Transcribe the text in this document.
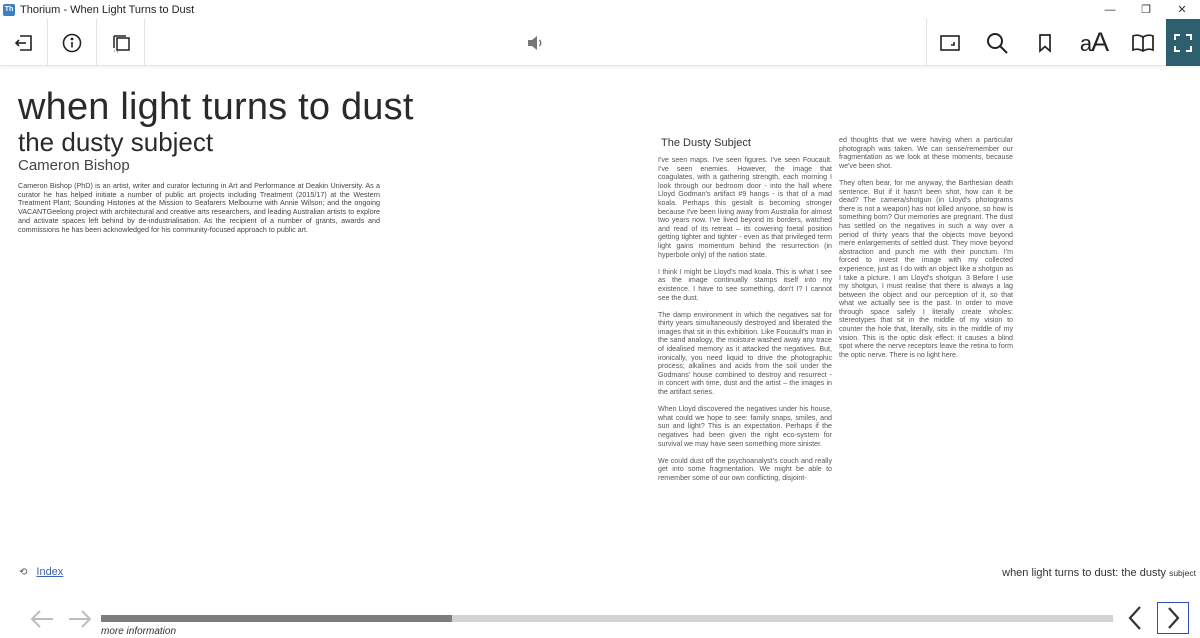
Th Thorium - When Light Turns to Dust	—	❐	✕
aA
when light turns to dust
the dusty subject
Cameron Bishop

Cameron Bishop (PhD) is an artist, writer and curator lecturing in Art and Performance at Deakin University. As a curator he has helped initiate a number of public art projects including Treatment (2015/17) at the Western Treatment Plant; Sounding Histories at the Mission to Seafarers Melbourne with Annie Wilson; and the ongoing VACANTGeelong project with architectural and creative arts researchers, and leading Australian artists to explore and activate spaces left behind by de-industrialisation. As the recipient of a number of grants, awards and commissions he has been acknowledged for his community-focused approach to public art.

The Dusty Subject

I've seen maps. I've seen figures. I've seen Foucault. I've seen enemies. However, the image that coagulates, with a gathering strength, each morning I look through our bedroom door - into the hall where Lloyd Godman's artifact #9 hangs - is that of a mad koala. Perhaps this gestalt is becoming stronger because I've been living away from Australia for almost two years now. I've lived beyond its borders, watched and read of its retreat – its cowering foetal position getting tighter and tighter - even as that privileged term light gains momentum behind the resurrection (in hyperbole only) of the nation state.

I think I might be Lloyd's mad koala. This is what I see as the image continually stamps itself into my existence. I have to see something, don't I? I cannot see the dust.

The damp environment in which the negatives sat for thirty years simultaneously destroyed and liberated the images that sit in this exhibition. Like Foucault's man in the sand analogy, the moisture washed away any trace of idealised memory as it attacked the negatives. But, ironically, you need liquid to drive the photographic process; alkalines and acids from the soil under the Godmans' house combined to destroy and resurrect - in concert with time, dust and the artist – the images in the artifact series.

When Lloyd discovered the negatives under his house, what could we hope to see: family snaps, smiles, and sun and light? This is an expectation. Perhaps if the negatives had been given the right eco-system for survival we may have seen something more sinister.

We could dust off the psychoanalyst's couch and really get into some fragmentation. We might be able to remember some of our own conflicting, disjoint-

ed thoughts that we were having when a particular photograph was taken. We can sense/remember our fragmentation as we look at these moments, because we've been shot.

They often bear, for me anyway, the Barthesian death sentence. But if it hasn't been shot, how can it be dead? The camera/shotgun (in Lloyd's photograms there is not a weapon) has not killed anyone, so how is something born? Our memories are pregnant. The dust has settled on the negatives in such a way over a period of thirty years that the objects move beyond mere enlargements of settled dust. They move beyond abstraction and punch me with their punctum. I'm forced to invest the image with my collected experience, just as I do with an object like a shotgun as I take a picture. I am Lloyd's shotgun. 3 Before I use my shotgun, I must realise that there is always a lag between the object and our perception of it, so that what we actually see is the past. In order to move through space safely I literally create wholes: stereotypes that sit in the middle of my vision to counter the hole that, literally, sits in the middle of my vision. This is the optic disk effect: it causes a blind spot where the nerve receptors leave the retina to form the optic nerve. There is no light here.

⟲ Index	when light turns to dust: the dusty subject
more information
